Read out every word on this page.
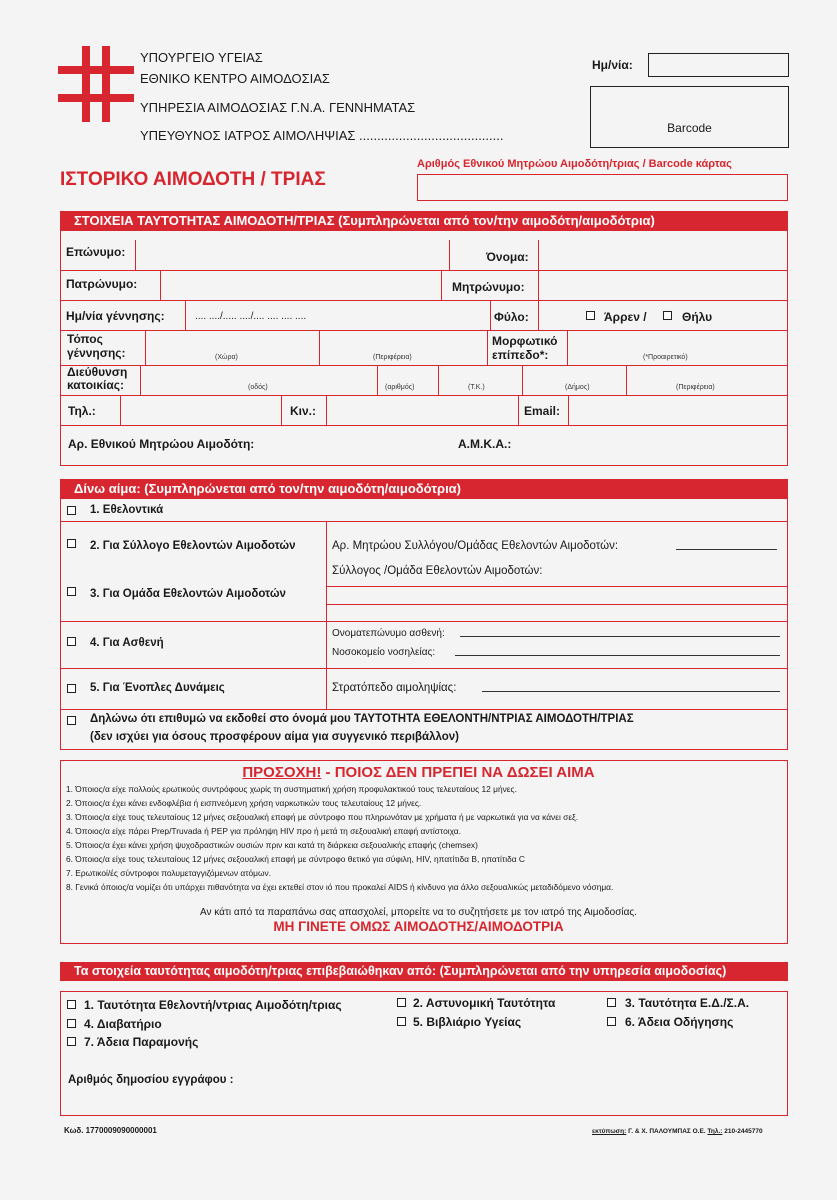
ΥΠΟΥΡΓΕΙΟ ΥΓΕΙΑΣ
ΕΘΝΙΚΟ ΚΕΝΤΡΟ ΑΙΜΟΔΟΣΙΑΣ
ΥΠΗΡΕΣΙΑ ΑΙΜΟΔΟΣΙΑΣ Γ.Ν.Α. ΓΕΝΝΗΜΑΤΑΣ
ΥΠΕΥΘΥΝΟΣ ΙΑΤΡΟΣ ΑΙΜΟΛΗΨΙΑΣ ........................................
Ημ/νία:
Barcode
ΙΣΤΟΡΙΚΟ ΑΙΜΟΔΟΤΗ / ΤΡΙΑΣ
Αριθμός Εθνικού Μητρώου Αιμοδότη/τριας / Barcode κάρτας
ΣΤΟΙΧΕΙΑ ΤΑΥΤΟΤΗΤΑΣ ΑΙΜΟΔΟΤΗ/ΤΡΙΑΣ (Συμπληρώνεται από τον/την αιμοδότη/αιμοδότρια)
Επώνυμο:	Όνομα:
Πατρώνυμο:	Μητρώνυμο:
Ημ/νία γέννησης:	.... ..../..... ..../.... .... .... ....	Φύλο:	Άρρεν /	Θήλυ
Τόπος
γέννησης:	(Χώρα)	(Περιφέρεια)
Μορφωτικό
επίπεδο*:	(*Προαιρετικό)
Διεύθυνση
κατοικίας:	(οδός)	(αριθμός)	(Τ.Κ.)	(Δήμος)	(Περιφέρεια)
Τηλ.:	Κιν.:	Email:
Αρ. Εθνικού Μητρώου Αιμοδότη:	Α.Μ.Κ.Α.:
Δίνω αίμα: (Συμπληρώνεται από τον/την αιμοδότη/αιμοδότρια)
1. Εθελοντικά
2. Για Σύλλογο Εθελοντών Αιμοδοτών
3. Για Ομάδα Εθελοντών Αιμοδοτών
Αρ. Μητρώου Συλλόγου/Ομάδας Εθελοντών Αιμοδοτών:
Σύλλογος /Ομάδα Εθελοντών Αιμοδοτών:
4. Για Ασθενή
Ονοματεπώνυμο ασθενή:
Νοσοκομείο νοσηλείας:
5. Για Ένοπλες Δυνάμεις	Στρατόπεδο αιμοληψίας:
Δηλώνω ότι επιθυμώ να εκδοθεί στο όνομά μου ΤΑΥΤΟΤΗΤΑ ΕΘΕΛΟΝΤΗ/ΝΤΡΙΑΣ ΑΙΜΟΔΟΤΗ/ΤΡΙΑΣ
(δεν ισχύει για όσους προσφέρουν αίμα για συγγενικό περιβάλλον)
ΠΡΟΣΟΧΗ! - ΠΟΙΟΣ ΔΕΝ ΠΡΕΠΕΙ ΝΑ ΔΩΣΕΙ ΑΙΜΑ
1. Όποιος/α είχε πολλούς ερωτικούς συντρόφους χωρίς τη συστηματική χρήση προφυλακτικού τους τελευταίους 12 μήνες.
2. Όποιος/α έχει κάνει ενδοφλέβια ή εισπνεόμενη χρήση ναρκωτικών τους τελευταίους 12 μήνες.
3. Όποιος/α είχε τους τελευταίους 12 μήνες σεξουαλική επαφή με σύντροφο που πληρωνόταν με χρήματα ή με ναρκωτικά για να κάνει σεξ.
4. Όποιος/α είχε πάρει Prep/Truvada ή PEP για πρόληψη HIV προ ή μετά τη σεξουαλική επαφή αντίστοιχα.
5. Όποιος/α έχει κάνει χρήση ψυχοδραστικών ουσιών πριν και κατά τη διάρκεια σεξουαλικής επαφής (chemsex)
6. Όποιος/α είχε τους τελευταίους 12 μήνες σεξουαλική επαφή με σύντροφο θετικό για σύφιλη, HIV, ηπατίτιδα Β, ηπατίτιδα C
7. Ερωτικοί/ές σύντροφοι πολυμεταγγιζόμενων ατόμων.
8. Γενικά όποιος/α νομίζει ότι υπάρχει πιθανότητα να έχει εκτεθεί στον ιό που προκαλεί AIDS ή κίνδυνο για άλλο σεξουαλικώς μεταδιδόμενο νόσημα.
Αν κάτι από τα παραπάνω σας απασχολεί, μπορείτε να το συζητήσετε με τον ιατρό της Αιμοδοσίας.
ΜΗ ΓΙΝΕΤΕ ΟΜΩΣ ΑΙΜΟΔΟΤΗΣ/ΑΙΜΟΔΟΤΡΙΑ
Τα στοιχεία ταυτότητας αιμοδότη/τριας επιβεβαιώθηκαν από: (Συμπληρώνεται από την υπηρεσία αιμοδοσίας)
1. Ταυτότητα Εθελοντή/ντριας Αιμοδότη/τριας	2. Αστυνομική Ταυτότητα	3. Ταυτότητα Ε.Δ./Σ.Α.
4. Διαβατήριο	5. Βιβλιάριο Υγείας	6. Άδεια Οδήγησης
7. Άδεια Παραμονής
Αριθμός δημοσίου εγγράφου :
Κωδ. 1770009090000001	εκτύπωση: Γ. & Χ. ΠΑΛΟΥΜΠΑΣ Ο.Ε. Τηλ.: 210-2445770
